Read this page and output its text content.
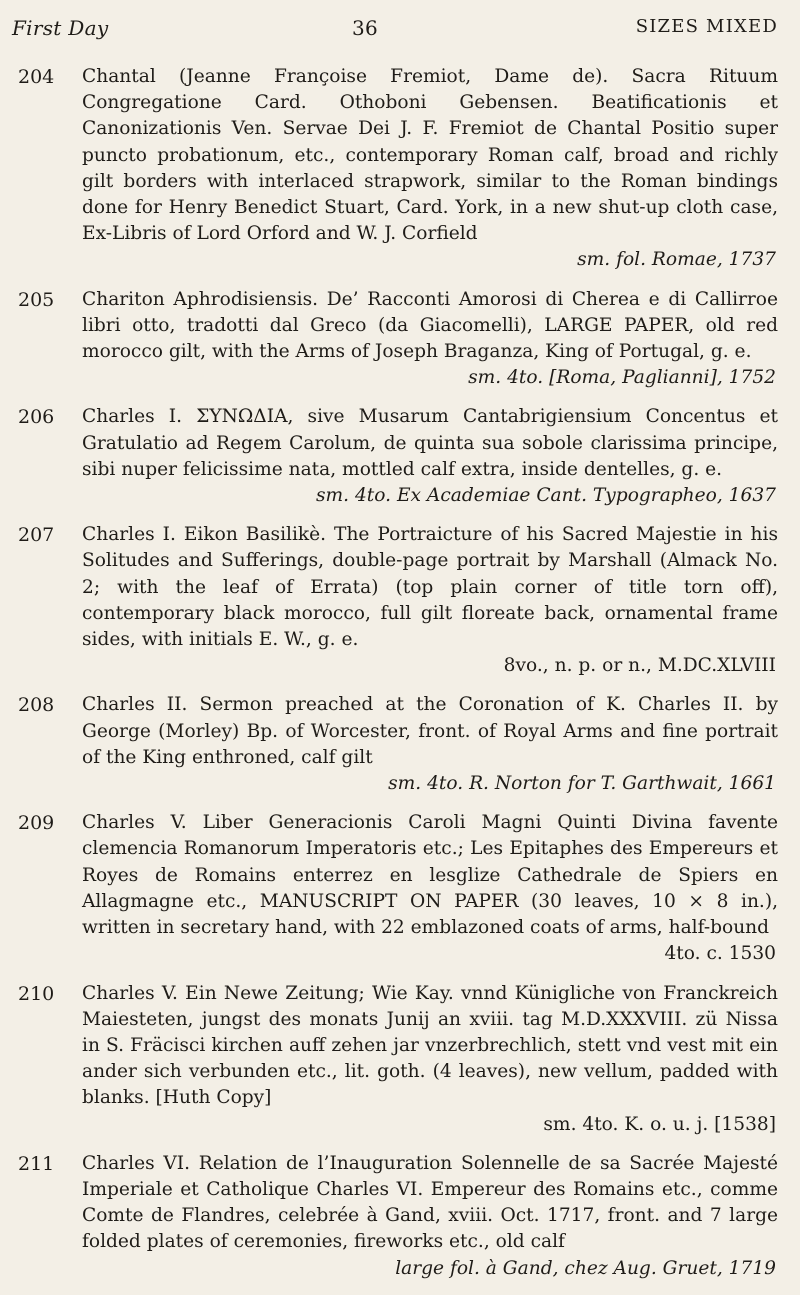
First Day	36	SIZES MIXED
204 Chantal (Jeanne Françoise Fremiot, Dame de). Sacra Rituum Congregatione Card. Othoboni Gebensen. Beatificationis et Canonizationis Ven. Servae Dei J. F. Fremiot de Chantal Positio super puncto probationum, etc., contemporary Roman calf, broad and richly gilt borders with interlaced strapwork, similar to the Roman bindings done for Henry Benedict Stuart, Card. York, in a new shut-up cloth case, Ex-Libris of Lord Orford and W. J. Corfield
sm. fol. Romae, 1737
205 Chariton Aphrodisiensis. De’ Racconti Amorosi di Cherea e di Callirroe libri otto, tradotti dal Greco (da Giacomelli), LARGE PAPER, old red morocco gilt, with the Arms of Joseph Braganza, King of Portugal, g. e.
sm. 4to. [Roma, Paglianni], 1752
206 Charles I. ΣΥΝΩΔΙΑ, sive Musarum Cantabrigiensium Concentus et Gratulatio ad Regem Carolum, de quinta sua sobole clarissima principe, sibi nuper felicissime nata, mottled calf extra, inside dentelles, g. e.
sm. 4to. Ex Academiae Cant. Typographeo, 1637
207 Charles I. Eikon Basilikè. The Portraicture of his Sacred Majestie in his Solitudes and Sufferings, double-page portrait by Marshall (Almack No. 2; with the leaf of Errata) (top plain corner of title torn off), contemporary black morocco, full gilt floreate back, ornamental frame sides, with initials E. W., g. e.
8vo., n. p. or n., M.DC.XLVIII
208 Charles II. Sermon preached at the Coronation of K. Charles II. by George (Morley) Bp. of Worcester, front. of Royal Arms and fine portrait of the King enthroned, calf gilt
sm. 4to. R. Norton for T. Garthwait, 1661
209 Charles V. Liber Generacionis Caroli Magni Quinti Divina favente clemencia Romanorum Imperatoris etc.; Les Epitaphes des Empereurs et Royes de Romains enterrez en lesglize Cathedrale de Spiers en Allagmagne etc., MANUSCRIPT ON PAPER (30 leaves, 10 × 8 in.), written in secretary hand, with 22 emblazoned coats of arms, half-bound
4to. c. 1530
210 Charles V. Ein Newe Zeitung; Wie Kay. vnnd Künigliche von Franckreich Maiesteten, jungst des monats Junij an xviii. tag M.D.XXXVIII. zü Nissa in S. Fräcisci kirchen auff zehen jar vnzerbrechlich, stett vnd vest mit ein ander sich verbunden etc., lit. goth. (4 leaves), new vellum, padded with blanks. [Huth Copy]
sm. 4to. K. o. u. j. [1538]
211 Charles VI. Relation de l’Inauguration Solennelle de sa Sacrée Majesté Imperiale et Catholique Charles VI. Empereur des Romains etc., comme Comte de Flandres, celebrée à Gand, xviii. Oct. 1717, front. and 7 large folded plates of ceremonies, fireworks etc., old calf
large fol. à Gand, chez Aug. Gruet, 1719
